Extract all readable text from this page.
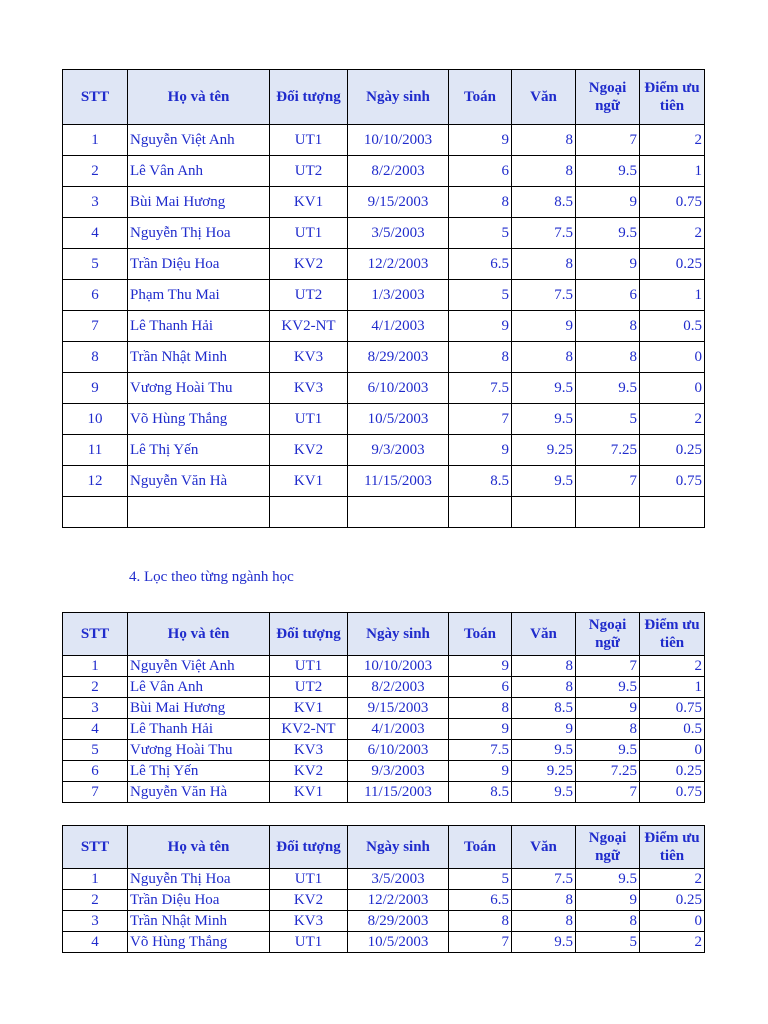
STT	Họ và tên	Đối tượng	Ngày sinh	Toán	Văn	Ngoại ngữ	Điểm ưu tiên
1	Nguyễn Việt Anh	UT1	10/10/2003	9	8	7	2
2	Lê Vân Anh	UT2	8/2/2003	6	8	9.5	1
3	Bùi Mai Hương	KV1	9/15/2003	8	8.5	9	0.75
4	Nguyễn Thị Hoa	UT1	3/5/2003	5	7.5	9.5	2
5	Trần Diệu Hoa	KV2	12/2/2003	6.5	8	9	0.25
6	Phạm Thu Mai	UT2	1/3/2003	5	7.5	6	1
7	Lê Thanh Hải	KV2-NT	4/1/2003	9	9	8	0.5
8	Trần Nhật Minh	KV3	8/29/2003	8	8	8	0
9	Vương Hoài Thu	KV3	6/10/2003	7.5	9.5	9.5	0
10	Võ Hùng Thắng	UT1	10/5/2003	7	9.5	5	2
11	Lê Thị Yến	KV2	9/3/2003	9	9.25	7.25	0.25
12	Nguyễn Văn Hà	KV1	11/15/2003	8.5	9.5	7	0.75

4. Lọc theo từng ngành học
STT	Họ và tên	Đối tượng	Ngày sinh	Toán	Văn	Ngoại ngữ	Điểm ưu tiên
1	Nguyễn Việt Anh	UT1	10/10/2003	9	8	7	2
2	Lê Vân Anh	UT2	8/2/2003	6	8	9.5	1
3	Bùi Mai Hương	KV1	9/15/2003	8	8.5	9	0.75
4	Lê Thanh Hải	KV2-NT	4/1/2003	9	9	8	0.5
5	Vương Hoài Thu	KV3	6/10/2003	7.5	9.5	9.5	0
6	Lê Thị Yến	KV2	9/3/2003	9	9.25	7.25	0.25
7	Nguyễn Văn Hà	KV1	11/15/2003	8.5	9.5	7	0.75
STT	Họ và tên	Đối tượng	Ngày sinh	Toán	Văn	Ngoại ngữ	Điểm ưu tiên
1	Nguyễn Thị Hoa	UT1	3/5/2003	5	7.5	9.5	2
2	Trần Diệu Hoa	KV2	12/2/2003	6.5	8	9	0.25
3	Trần Nhật Minh	KV3	8/29/2003	8	8	8	0
4	Võ Hùng Thắng	UT1	10/5/2003	7	9.5	5	2
